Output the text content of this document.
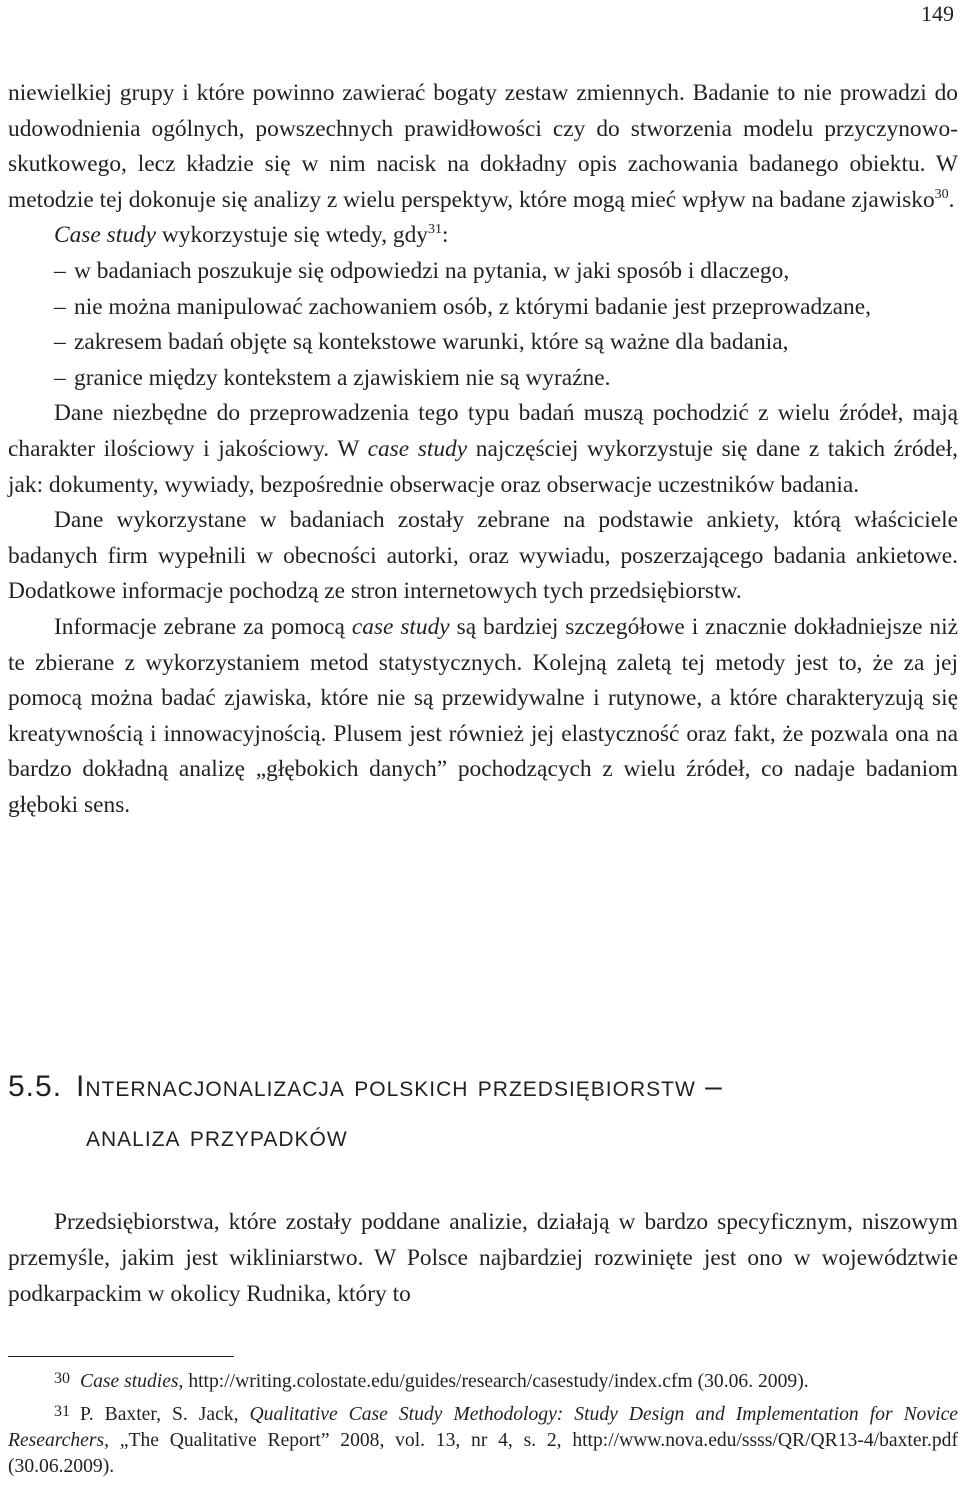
149

niewielkiej grupy i które powinno zawierać bogaty zestaw zmiennych. Badanie to nie prowadzi do udowodnienia ogólnych, powszechnych prawidłowości czy do stworzenia modelu przyczynowo-skutkowego, lecz kładzie się w nim nacisk na dokładny opis zachowania badanego obiektu. W metodzie tej dokonuje się analizy z wielu perspektyw, które mogą mieć wpływ na badane zjawisko$^{30}$.

Case study wykorzystuje się wtedy, gdy$^{31}$:

– w badaniach poszukuje się odpowiedzi na pytania, w jaki sposób i dlaczego,

– nie można manipulować zachowaniem osób, z którymi badanie jest przeprowadzane,

– zakresem badań objęte są kontekstowe warunki, które są ważne dla badania,

– granice między kontekstem a zjawiskiem nie są wyraźne.

Dane niezbędne do przeprowadzenia tego typu badań muszą pochodzić z wielu źródeł, mają charakter ilościowy i jakościowy. W case study najczęściej wykorzystuje się dane z takich źródeł, jak: dokumenty, wywiady, bezpośrednie obserwacje oraz obserwacje uczestników badania.

Dane wykorzystane w badaniach zostały zebrane na podstawie ankiety, którą właściciele badanych firm wypełnili w obecności autorki, oraz wywiadu, poszerzającego badania ankietowe. Dodatkowe informacje pochodzą ze stron internetowych tych przedsiębiorstw.

Informacje zebrane za pomocą case study są bardziej szczegółowe i znacznie dokładniejsze niż te zbierane z wykorzystaniem metod statystycznych. Kolejną zaletą tej metody jest to, że za jej pomocą można badać zjawiska, które nie są przewidywalne i rutynowe, a które charakteryzują się kreatywnością i innowacyjnością. Plusem jest również jej elastyczność oraz fakt, że pozwala ona na bardzo dokładną analizę „głębokich danych” pochodzących z wielu źródeł, co nadaje badaniom głęboki sens.

5.5. Internacjonalizacja polskich przedsiębiorstw –
analiza przypadków

Przedsiębiorstwa, które zostały poddane analizie, działają w bardzo specyficznym, niszowym przemyśle, jakim jest wikliniarstwo. W Polsce najbardziej rozwinięte jest ono w województwie podkarpackim w okolicy Rudnika, który to

30 Case studies, http://writing.colostate.edu/guides/research/casestudy/index.cfm (30.06. 2009).

31 P. Baxter, S. Jack, Qualitative Case Study Methodology: Study Design and Implementation for Novice Researchers, „The Qualitative Report” 2008, vol. 13, nr 4, s. 2, http://www.nova.edu/ssss/QR/QR13-4/baxter.pdf (30.06.2009).
